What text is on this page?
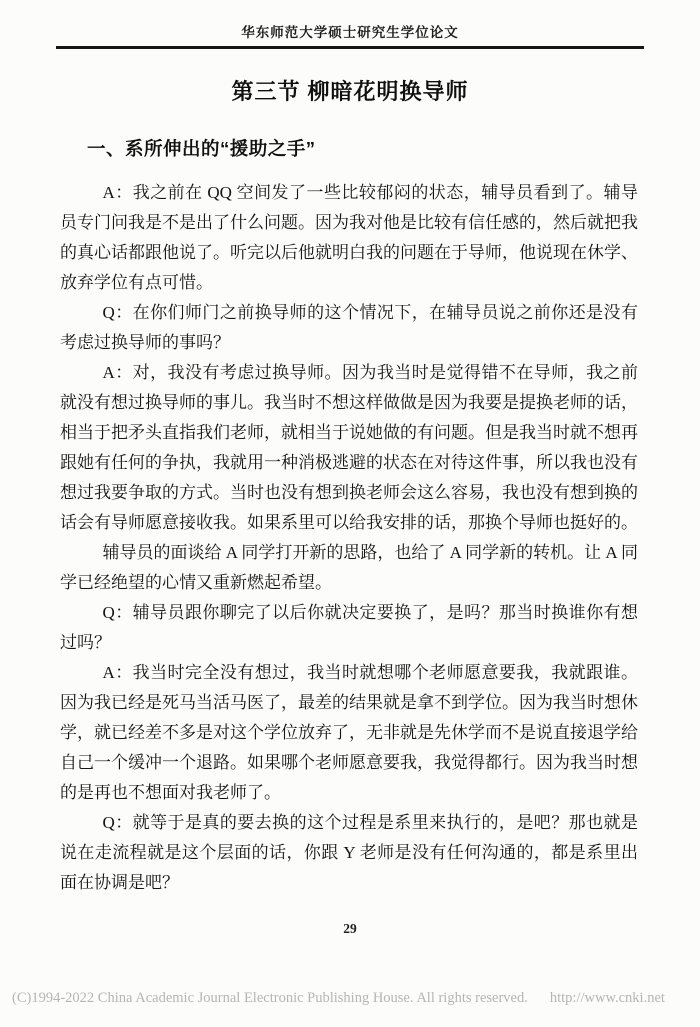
华东师范大学硕士研究生学位论文
第三节 柳暗花明换导师
一、系所伸出的“援助之手”

A：我之前在 QQ 空间发了一些比较郁闷的状态，辅导员看到了。辅导员专门问我是不是出了什么问题。因为我对他是比较有信任感的，然后就把我的真心话都跟他说了。听完以后他就明白我的问题在于导师，他说现在休学、放弃学位有点可惜。

Q：在你们师门之前换导师的这个情况下，在辅导员说之前你还是没有考虑过换导师的事吗？

A：对，我没有考虑过换导师。因为我当时是觉得错不在导师，我之前就没有想过换导师的事儿。我当时不想这样做做是因为我要是提换老师的话，相当于把矛头直指我们老师，就相当于说她做的有问题。但是我当时就不想再跟她有任何的争执，我就用一种消极逃避的状态在对待这件事，所以我也没有想过我要争取的方式。当时也没有想到换老师会这么容易，我也没有想到换的话会有导师愿意接收我。如果系里可以给我安排的话，那换个导师也挺好的。

辅导员的面谈给 A 同学打开新的思路，也给了 A 同学新的转机。让 A 同学已经绝望的心情又重新燃起希望。

Q：辅导员跟你聊完了以后你就决定要换了，是吗？那当时换谁你有想过吗？

A：我当时完全没有想过，我当时就想哪个老师愿意要我，我就跟谁。因为我已经是死马当活马医了，最差的结果就是拿不到学位。因为我当时想休学，就已经差不多是对这个学位放弃了，无非就是先休学而不是说直接退学给自己一个缓冲一个退路。如果哪个老师愿意要我，我觉得都行。因为我当时想的是再也不想面对我老师了。

Q：就等于是真的要去换的这个过程是系里来执行的，是吧？那也就是说在走流程就是这个层面的话，你跟 Y 老师是没有任何沟通的，都是系里出面在协调是吧？

29
(C)1994-2022 China Academic Journal Electronic Publishing House. All rights reserved. http://www.cnki.net
